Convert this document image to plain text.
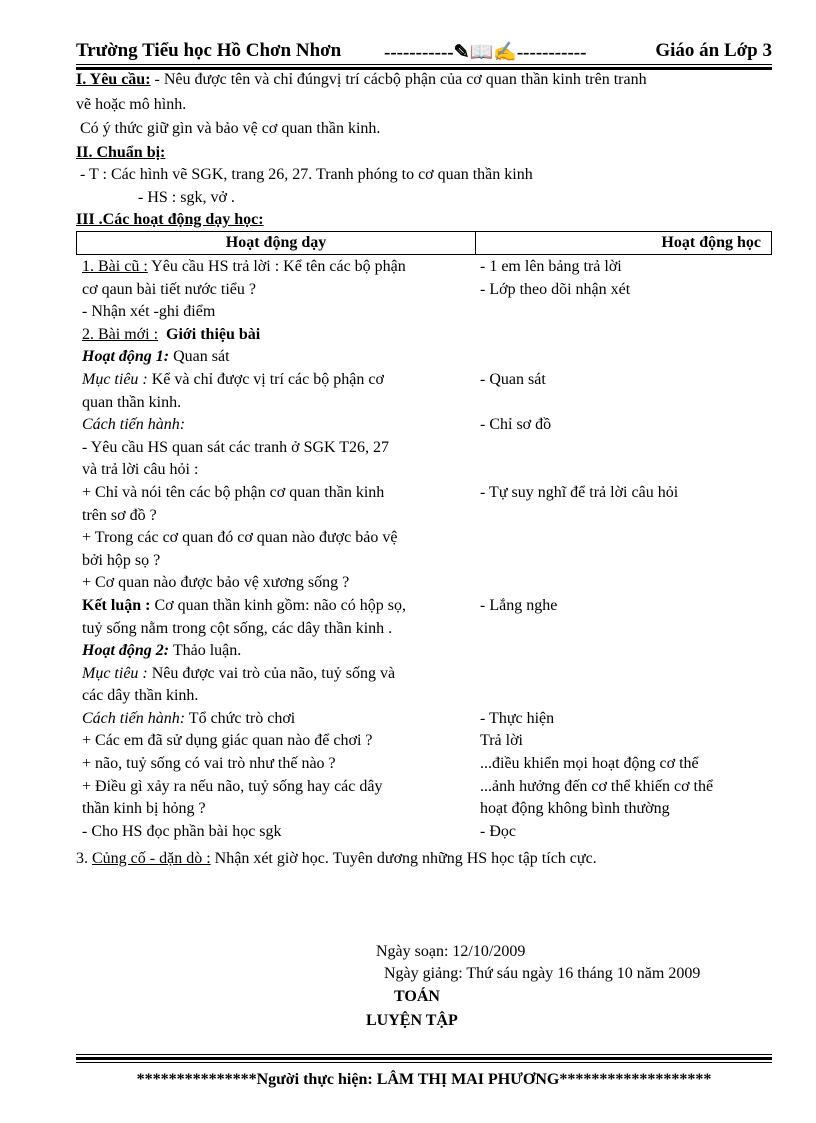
Trường Tiểu học Hồ Chơn Nhơn -----------✎📖✍-----------	Giáo án Lớp 3
I. Yêu cầu: - Nêu được tên và chỉ đúngvị trí cácbộ phận của cơ quan thần kinh trên tranh
vẽ hoặc mô hình.
Có ý thức giữ gìn và bảo vệ cơ quan thần kinh.
II. Chuẩn bị:
- T : Các hình vẽ SGK, trang 26, 27. Tranh phóng to cơ quan thần kinh
- HS : sgk, vở .
III .Các hoạt động dạy học:
Hoạt động dạy	Hoạt động học
1. Bài cũ : Yêu cầu HS trả lời : Kể tên các bộ phận	- 1 em lên bảng trả lời
cơ qaun bài tiết nước tiểu ?	- Lớp theo dõi nhận xét
- Nhận xét -ghi điểm
2. Bài mới : Giới thiệu bài
Hoạt động 1: Quan sát
Mục tiêu : Kể và chỉ được vị trí các bộ phận cơ	- Quan sát
quan thần kinh.
Cách tiến hành:	- Chỉ sơ đồ
- Yêu cầu HS quan sát các tranh ở SGK T26, 27
và trả lời câu hỏi :
+ Chỉ và nói tên các bộ phận cơ quan thần kinh	- Tự suy nghĩ để trả lời câu hỏi
trên sơ đồ ?
+ Trong các cơ quan đó cơ quan nào được bảo vệ
bởi hộp sọ ?
+ Cơ quan nào được bảo vệ xương sống ?
Kết luận : Cơ quan thần kinh gồm: não có hộp sọ,	- Lắng nghe
tuỷ sống nằm trong cột sống, các dây thần kinh .
Hoạt động 2: Thảo luận.
Mục tiêu : Nêu được vai trò của não, tuỷ sống và
các dây thần kinh.
Cách tiến hành: Tổ chức trò chơi	- Thực hiện
+ Các em đã sử dụng giác quan nào để chơi ?	Trả lời
+ não, tuỷ sống có vai trò như thế nào ?	...điều khiển mọi hoạt động cơ thể
+ Điều gì xảy ra nếu não, tuỷ sống hay các dây	...ảnh hưởng đến cơ thể khiến cơ thể
thần kinh bị hỏng ?	hoạt động không bình thường
- Cho HS đọc phần bài học sgk	- Đọc
3. Củng cố - dặn dò : Nhận xét giờ học. Tuyên dương những HS học tập tích cực.
Ngày soạn: 12/10/2009
Ngày giảng: Thứ sáu ngày 16 tháng 10 năm 2009
TOÁN
LUYỆN TẬP
***************Người thực hiện: LÂM THỊ MAI PHƯƠNG*******************
